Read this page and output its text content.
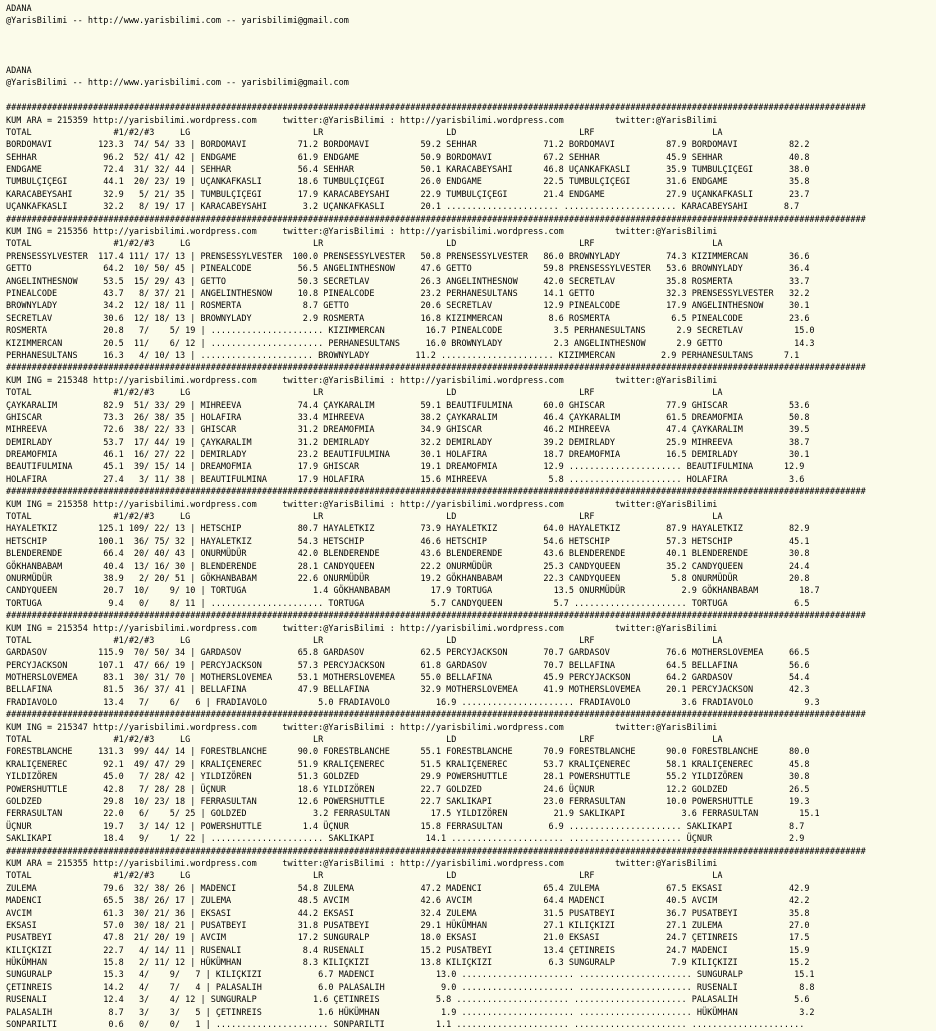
ADANA
@YarisBilimi -- http://www.yarisbilimi.com -- yarisbilimi@gmail.com

ADANA
@YarisBilimi -- http://www.yarisbilimi.com -- yarisbilimi@gmail.com

########################################################################################################################################################################
KUM ARA = 215359 http://yarisbilimi.wordpress.com     twitter:@YarisBilimi : http://yarisbilimi.wordpress.com          twitter:@YarisBilimi
TOTAL                #1/#2/#3     LG                        LR                        LD                        LRF                       LA
BORDOMAVI         123.3  74/ 54/ 33 | BORDOMAVI          71.2 BORDOMAVI          59.2 SEHHAR             71.2 BORDOMAVI          87.9 BORDOMAVI          82.2
SEHHAR             96.2  52/ 41/ 42 | ENDGAME            61.9 ENDGAME            50.9 BORDOMAVI          67.2 SEHHAR             45.9 SEHHAR             40.8
ENDGAME            72.4  31/ 32/ 44 | SEHHAR             56.4 SEHHAR             50.1 KARACABEYSAHI      46.8 UÇANKAFKASLI       35.9 TUMBULÇIÇEGI       38.0
TUMBULÇIÇEGI       44.1  20/ 23/ 19 | UÇANKAFKASLI       18.6 TUMBULÇIÇEGI       26.0 ENDGAME            22.5 TUMBULÇIÇEGI       31.6 ENDGAME            35.8
KARACABEYSAHI      32.9   5/ 21/ 35 | TUMBULÇIÇEGI       17.9 KARACABEYSAHI      22.9 TUMBULÇIÇEGI       21.4 ENDGAME            27.9 UÇANKAFKASLI       23.7
UÇANKAFKASLI       32.2   8/ 19/ 17 | KARACABEYSAHI       3.2 UÇANKAFKASLI       20.1 ...................... ...................... KARACABEYSAHI       8.7
########################################################################################################################################################################
KUM ING = 215356 http://yarisbilimi.wordpress.com     twitter:@YarisBilimi : http://yarisbilimi.wordpress.com          twitter:@YarisBilimi
TOTAL                #1/#2/#3     LG                        LR                        LD                        LRF                       LA
PRENSESSYLVESTER  117.4 111/ 17/ 13 | PRENSESSYLVESTER  100.0 PRENSESSYLVESTER   50.8 PRENSESSYLVESTER   86.0 BROWNYLADY         74.3 KIZIMMERCAN        36.6
GETTO              64.2  10/ 50/ 45 | PINEALCODE         56.5 ANGELINTHESNOW     47.6 GETTO              59.8 PRENSESSYLVESTER   53.6 BROWNYLADY         36.4
ANGELINTHESNOW     53.5  15/ 29/ 43 | GETTO              50.3 SECRETLAV          26.3 ANGELINTHESNOW     42.0 SECRETLAV          35.8 ROSMERTA           33.7
PINEALCODE         43.7   8/ 37/ 21 | ANGELINTHESNOW     10.8 PINEALCODE         23.2 PERHANESULTANS     14.1 GETTO              32.3 PRENSESSYLVESTER   32.2
BROWNYLADY         34.2  12/ 18/ 11 | ROSMERTA            8.7 GETTO              20.6 SECRETLAV          12.9 PINEALCODE         17.9 ANGELINTHESNOW     30.1
SECRETLAV          30.6  12/ 18/ 13 | BROWNYLADY          2.9 ROSMERTA           16.8 KIZIMMERCAN         8.6 ROSMERTA            6.5 PINEALCODE         23.6
ROSMERTA           20.8   7/    5/ 19 | ...................... KIZIMMERCAN        16.7 PINEALCODE          3.5 PERHANESULTANS      2.9 SECRETLAV          15.0
KIZIMMERCAN        20.5  11/    6/ 12 | ...................... PERHANESULTANS     16.0 BROWNYLADY          2.3 ANGELINTHESNOW      2.9 GETTO              14.3
PERHANESULTANS     16.3   4/ 10/ 13 | ...................... BROWNYLADY         11.2 ...................... KIZIMMERCAN         2.9 PERHANESULTANS      7.1
########################################################################################################################################################################
KUM ING = 215348 http://yarisbilimi.wordpress.com     twitter:@YarisBilimi : http://yarisbilimi.wordpress.com          twitter:@YarisBilimi
TOTAL                #1/#2/#3     LG                        LR                        LD                        LRF                       LA
ÇAYKARALIM         82.9  51/ 33/ 29 | MIHREEVA           74.4 ÇAYKARALIM         59.1 BEAUTIFULMINA      60.0 GHISCAR            77.9 GHISCAR            53.6
GHISCAR            73.3  26/ 38/ 35 | HOLAFIRA           33.4 MIHREEVA           38.2 ÇAYKARALIM         46.4 ÇAYKARALIM         61.5 DREAMOFMIA         50.8
MIHREEVA           72.6  38/ 22/ 33 | GHISCAR            31.2 DREAMOFMIA         34.9 GHISCAR            46.2 MIHREEVA           47.4 ÇAYKARALIM         39.5
DEMIRLADY          53.7  17/ 44/ 19 | ÇAYKARALIM         31.2 DEMIRLADY          32.2 DEMIRLADY          39.2 DEMIRLADY          25.9 MIHREEVA           38.7
DREAMOFMIA         46.1  16/ 27/ 22 | DEMIRLADY          23.2 BEAUTIFULMINA      30.1 HOLAFIRA           18.7 DREAMOFMIA         16.5 DEMIRLADY          30.1
BEAUTIFULMINA      45.1  39/ 15/ 14 | DREAMOFMIA         17.9 GHISCAR            19.1 DREAMOFMIA         12.9 ...................... BEAUTIFULMINA      12.9
HOLAFIRA           27.4   3/ 11/ 38 | BEAUTIFULMINA      17.9 HOLAFIRA           15.6 MIHREEVA            5.8 ...................... HOLAFIRA            3.6
########################################################################################################################################################################
KUM ING = 215358 http://yarisbilimi.wordpress.com     twitter:@YarisBilimi : http://yarisbilimi.wordpress.com          twitter:@YarisBilimi
TOTAL                #1/#2/#3     LG                        LR                        LD                        LRF                       LA
HAYALETKIZ        125.1 109/ 22/ 13 | HETSCHIP           80.7 HAYALETKIZ         73.9 HAYALETKIZ         64.0 HAYALETKIZ         87.9 HAYALETKIZ         82.9
HETSCHIP          100.1  36/ 75/ 32 | HAYALETKIZ         54.3 HETSCHIP           46.6 HETSCHIP           54.6 HETSCHIP           57.3 HETSCHIP           45.1
BLENDERENDE        66.4  20/ 40/ 43 | ONURMÜDÜR          42.0 BLENDERENDE        43.6 BLENDERENDE        43.6 BLENDERENDE        40.1 BLENDERENDE        30.8
GÖKHANBABAM        40.4  13/ 16/ 30 | BLENDERENDE        28.1 CANDYQUEEN         22.2 ONURMÜDÜR          25.3 CANDYQUEEN         35.2 CANDYQUEEN         24.4
ONURMÜDÜR          38.9   2/ 20/ 51 | GÖKHANBABAM        22.6 ONURMÜDÜR          19.2 GÖKHANBABAM        22.3 CANDYQUEEN          5.8 ONURMÜDÜR          20.8
CANDYQUEEN         20.7  10/    9/ 10 | TORTUGA             1.4 GÖKHANBABAM        17.9 TORTUGA            13.5 ONURMÜDÜR           2.9 GÖKHANBABAM        18.7
TORTUGA             9.4   0/    8/ 11 | ...................... TORTUGA             5.7 CANDYQUEEN          5.7 ...................... TORTUGA             6.5
########################################################################################################################################################################
KUM ING = 215354 http://yarisbilimi.wordpress.com     twitter:@YarisBilimi : http://yarisbilimi.wordpress.com          twitter:@YarisBilimi
TOTAL                #1/#2/#3     LG                        LR                        LD                        LRF                       LA
GARDASOV          115.9  70/ 50/ 34 | GARDASOV           65.8 GARDASOV           62.5 PERCYJACKSON       70.7 GARDASOV           76.6 MOTHERSLOVEMEA     66.5
PERCYJACKSON      107.1  47/ 66/ 19 | PERCYJACKSON       57.3 PERCYJACKSON       61.8 GARDASOV           70.7 BELLAFINA          64.5 BELLAFINA          56.6
MOTHERSLOVEMEA     83.1  30/ 31/ 70 | MOTHERSLOVEMEA     53.1 MOTHERSLOVEMEA     55.0 BELLAFINA          45.9 PERCYJACKSON       64.2 GARDASOV           54.4
BELLAFINA          81.5  36/ 37/ 41 | BELLAFINA          47.9 BELLAFINA          32.9 MOTHERSLOVEMEA     41.9 MOTHERSLOVEMEA     20.1 PERCYJACKSON       42.3
FRADIAVOLO         13.4   7/    6/   6 | FRADIAVOLO          5.0 FRADIAVOLO         16.9 ...................... FRADIAVOLO          3.6 FRADIAVOLO          9.3
########################################################################################################################################################################
KUM ING = 215347 http://yarisbilimi.wordpress.com     twitter:@YarisBilimi : http://yarisbilimi.wordpress.com          twitter:@YarisBilimi
TOTAL                #1/#2/#3     LG                        LR                        LD                        LRF                       LA
FORESTBLANCHE     131.3  99/ 44/ 14 | FORESTBLANCHE      90.0 FORESTBLANCHE      55.1 FORESTBLANCHE      70.9 FORESTBLANCHE      90.0 FORESTBLANCHE      80.0
KRALIÇENEREC       92.1  49/ 47/ 29 | KRALIÇENEREC       51.9 KRALIÇENEREC       51.5 KRALIÇENEREC       53.7 KRALIÇENEREC       58.1 KRALIÇENEREC       45.8
YILDIZÖREN         45.0   7/ 28/ 42 | YILDIZÖREN         51.3 GOLDZED            29.9 POWERSHUTTLE       28.1 POWERSHUTTLE       55.2 YILDIZÖREN         30.8
POWERSHUTTLE       42.8   7/ 28/ 28 | ÜÇNUR              18.6 YILDIZÖREN         22.7 GOLDZED            24.6 ÜÇNUR              12.2 GOLDZED            26.5
GOLDZED            29.8  10/ 23/ 18 | FERRASULTAN        12.6 POWERSHUTTLE       22.7 SAKLIKAPI          23.0 FERRASULTAN        10.0 POWERSHUTTLE       19.3
FERRASULTAN        22.0   6/    5/ 25 | GOLDZED             3.2 FERRASULTAN        17.5 YILDIZÖREN         21.9 SAKLIKAPI           3.6 FERRASULTAN        15.1
ÜÇNUR              19.7   3/ 14/ 12 | POWERSHUTTLE        1.4 ÜÇNUR              15.8 FERRASULTAN         6.9 ...................... SAKLIKAPI           8.7
SAKLIKAPI          18.4   9/    1/ 22 | ...................... SAKLIKAPI          14.1 ...................... ...................... ÜÇNUR               2.9
########################################################################################################################################################################
KUM ARA = 215355 http://yarisbilimi.wordpress.com     twitter:@YarisBilimi : http://yarisbilimi.wordpress.com          twitter:@YarisBilimi
TOTAL                #1/#2/#3     LG                        LR                        LD                        LRF                       LA
ZULEMA             79.6  32/ 38/ 26 | MADENCI            54.8 ZULEMA             47.2 MADENCI            65.4 ZULEMA             67.5 EKSASI             42.9
MADENCI            65.5  38/ 26/ 17 | ZULEMA             48.5 AVCIM              42.6 AVCIM              64.4 MADENCI            40.5 AVCIM              42.2
AVCIM              61.3  30/ 21/ 36 | EKSASI             44.2 EKSASI             32.4 ZULEMA             31.5 PUSATBEYI          36.7 PUSATBEYI          35.8
EKSASI             57.0  30/ 18/ 21 | PUSATBEYI          31.8 PUSATBEYI          29.1 HÜKÜMHAN           27.1 KILIÇKIZI          27.1 ZULEMA             27.0
PUSATBEYI          47.8  21/ 20/ 19 | AVCIM              17.2 SUNGURALP          18.0 EKSASI             21.0 EKSASI             24.7 ÇETINREIS          17.5
KILIÇKIZI          22.7   4/ 14/ 11 | RUSENALI            8.4 RUSENALI           15.2 PUSATBEYI          13.4 ÇETINREIS          24.7 MADENCI            15.9
HÜKÜMHAN           15.8   2/ 11/ 12 | HÜKÜMHAN            8.3 KILIÇKIZI          13.8 KILIÇKIZI           6.3 SUNGURALP           7.9 KILIÇKIZI          15.2
SUNGURALP          15.3   4/    9/   7 | KILIÇKIZI           6.7 MADENCI            13.0 ...................... ...................... SUNGURALP          15.1
ÇETINREIS          14.2   4/    7/   4 | PALASALIH           6.0 PALASALIH           9.0 ...................... ...................... RUSENALI            8.8
RUSENALI           12.4   3/    4/ 12 | SUNGURALP           1.6 ÇETINREIS           5.8 ...................... ...................... PALASALIH           5.6
PALASALIH           8.7   3/    3/   5 | ÇETINREIS           1.6 HÜKÜMHAN            1.9 ...................... ...................... HÜKÜMHAN            3.2
SONPARILTI          0.6   0/    0/   1 | ...................... SONPARILTI          1.1 ...................... ...................... ......................
